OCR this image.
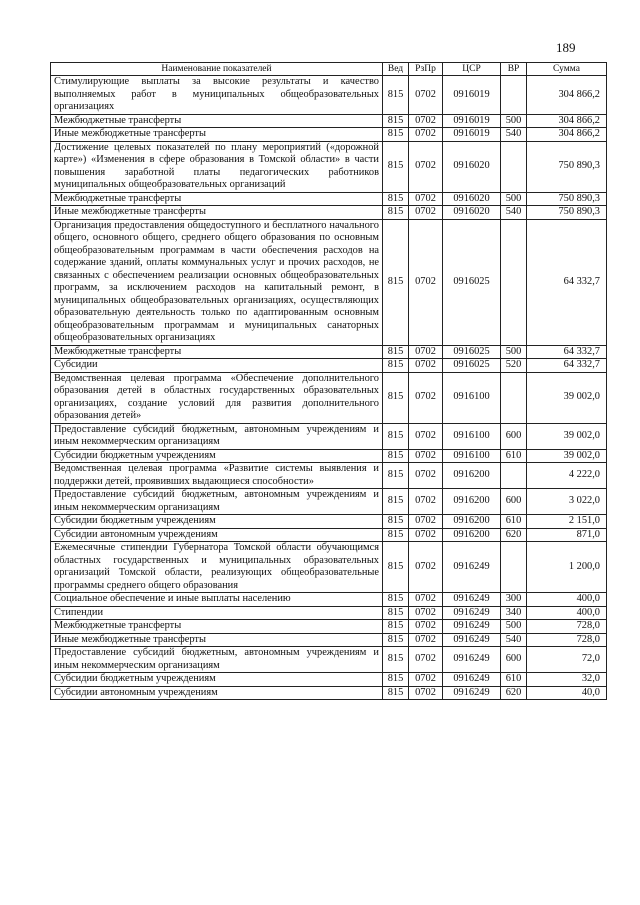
189
Наименование показателей	Вед	РзПр	ЦСР	ВР	Сумма
Стимулирующие выплаты за высокие результаты и качество выполняемых работ в муниципальных общеобразовательных организациях	815	0702	0916019		304 866,2
Межбюджетные трансферты	815	0702	0916019	500	304 866,2
Иные межбюджетные трансферты	815	0702	0916019	540	304 866,2
Достижение целевых показателей по плану мероприятий («дорожной карте») «Изменения в сфере образования в Томской области» в части повышения заработной платы педагогических работников муниципальных общеобразовательных организаций	815	0702	0916020		750 890,3
Межбюджетные трансферты	815	0702	0916020	500	750 890,3
Иные межбюджетные трансферты	815	0702	0916020	540	750 890,3
Организация предоставления общедоступного и бесплатного начального общего, основного общего, среднего общего образования по основным общеобразовательным программам в части обеспечения расходов на содержание зданий, оплаты коммунальных услуг и прочих расходов, не связанных с обеспечением реализации основных общеобразовательных программ, за исключением расходов на капитальный ремонт, в муниципальных общеобразовательных организациях, осуществляющих образовательную деятельность только по адаптированным основным общеобразовательным программам и муниципальных санаторных общеобразовательных организациях	815	0702	0916025		64 332,7
Межбюджетные трансферты	815	0702	0916025	500	64 332,7
Субсидии	815	0702	0916025	520	64 332,7
Ведомственная целевая программа «Обеспечение дополнительного образования детей в областных государственных образовательных организациях, создание условий для развития дополнительного образования детей»	815	0702	0916100		39 002,0
Предоставление субсидий бюджетным, автономным учреждениям и иным некоммерческим организациям	815	0702	0916100	600	39 002,0
Субсидии бюджетным учреждениям	815	0702	0916100	610	39 002,0
Ведомственная целевая программа «Развитие системы выявления и поддержки детей, проявивших выдающиеся способности»	815	0702	0916200		4 222,0
Предоставление субсидий бюджетным, автономным учреждениям и иным некоммерческим организациям	815	0702	0916200	600	3 022,0
Субсидии бюджетным учреждениям	815	0702	0916200	610	2 151,0
Субсидии автономным учреждениям	815	0702	0916200	620	871,0
Ежемесячные стипендии Губернатора Томской области обучающимся областных государственных и муниципальных образовательных организаций Томской области, реализующих общеобразовательные программы среднего общего образования	815	0702	0916249		1 200,0
Социальное обеспечение и иные выплаты населению	815	0702	0916249	300	400,0
Стипендии	815	0702	0916249	340	400,0
Межбюджетные трансферты	815	0702	0916249	500	728,0
Иные межбюджетные трансферты	815	0702	0916249	540	728,0
Предоставление субсидий бюджетным, автономным учреждениям и иным некоммерческим организациям	815	0702	0916249	600	72,0
Субсидии бюджетным учреждениям	815	0702	0916249	610	32,0
Субсидии автономным учреждениям	815	0702	0916249	620	40,0
